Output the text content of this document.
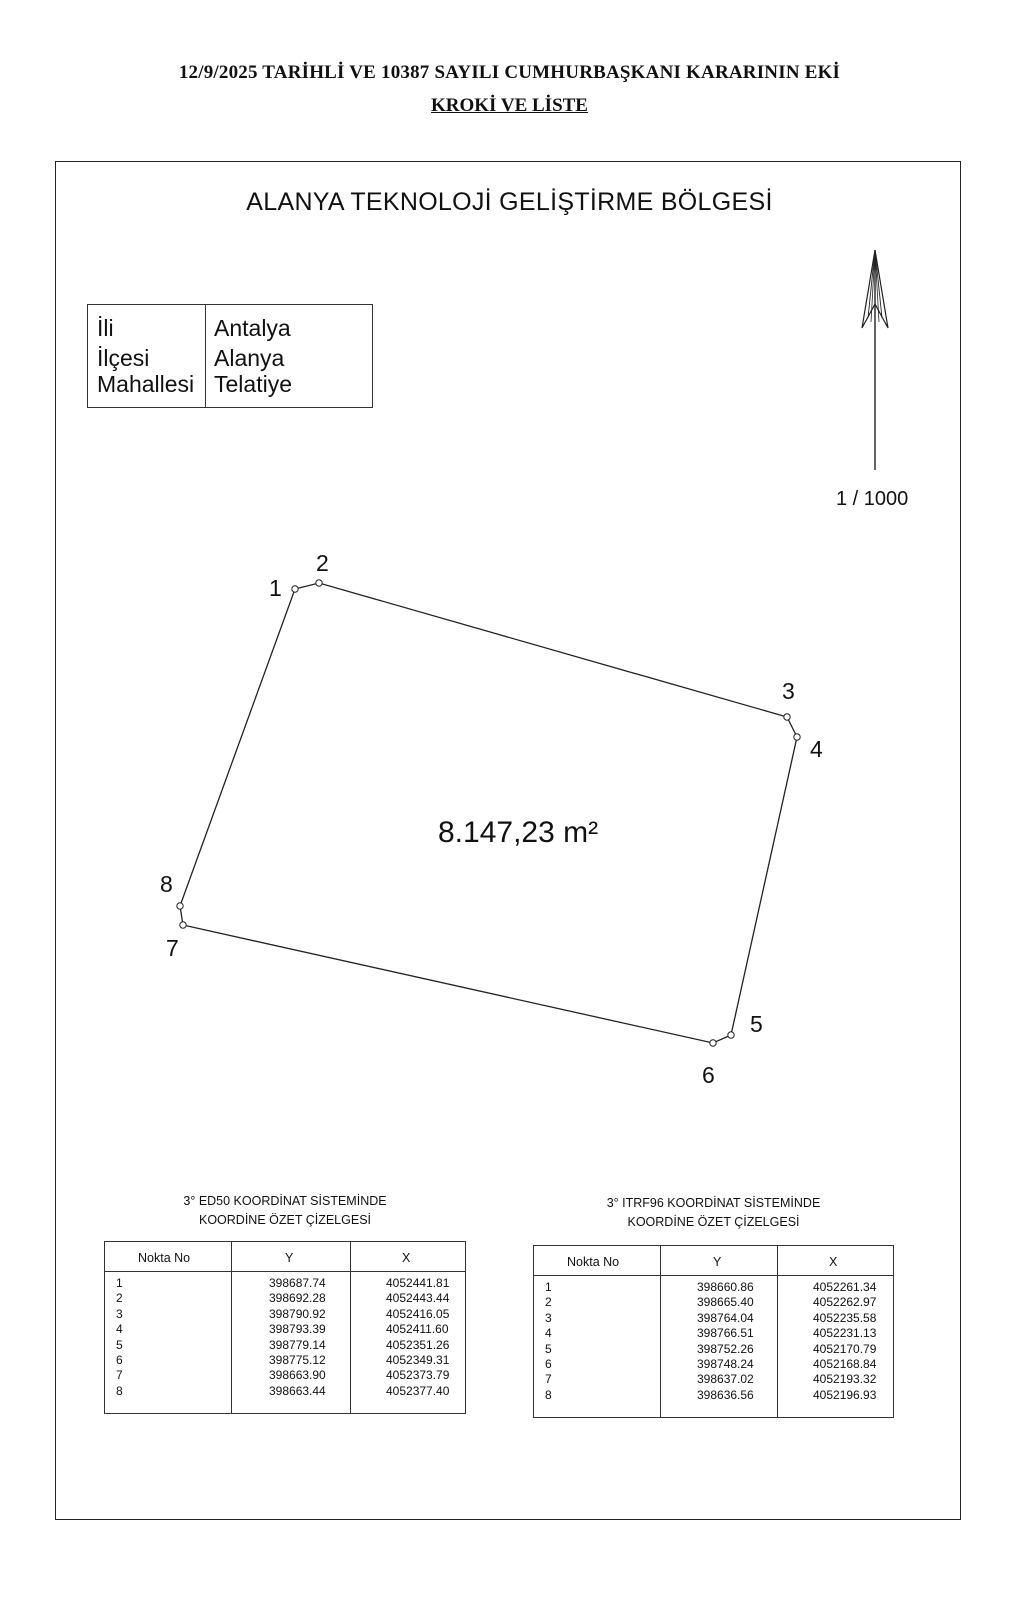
12/9/2025 TARİHLİ VE 10387 SAYILI CUMHURBAŞKANI KARARININ EKİ
KROKİ VE LİSTE
ALANYA TEKNOLOJİ GELİŞTİRME BÖLGESİ
İli	Antalya
İlçesi	Alanya
Mahallesi Telatiye
1 / 1000
1
2
3
4
5
6
7
8
8.147,23 m²
3° ED50 KOORDİNAT SİSTEMİNDE
KOORDİNE ÖZET ÇİZELGESİ
Nokta No	Y	X
1	398687.74	4052441.81
2	398692.28	4052443.44
3	398790.92	4052416.05
4	398793.39	4052411.60
5	398779.14	4052351.26
6	398775.12	4052349.31
7	398663.90	4052373.79
8	398663.44	4052377.40
3° ITRF96 KOORDİNAT SİSTEMİNDE
KOORDİNE ÖZET ÇİZELGESİ
Nokta No	Y	X
1	398660.86	4052261.34
2	398665.40	4052262.97
3	398764.04	4052235.58
4	398766.51	4052231.13
5	398752.26	4052170.79
6	398748.24	4052168.84
7	398637.02	4052193.32
8	398636.56	4052196.93
